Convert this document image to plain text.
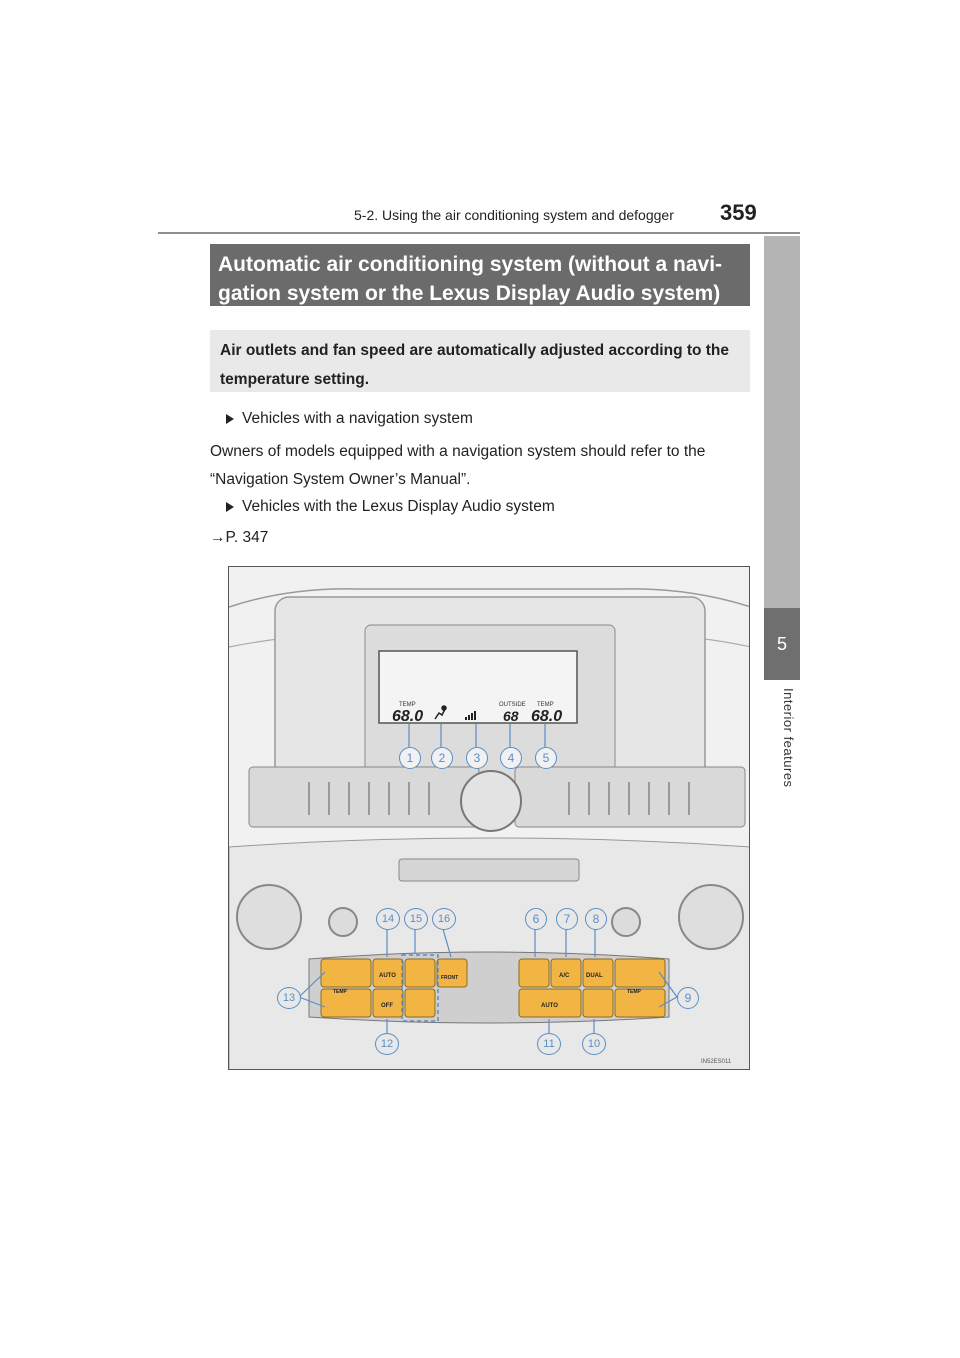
5-2. Using the air conditioning system and defogger 359
5
Interior features
Automatic air conditioning system (without a navi-
gation system or the Lexus Display Audio system)
Air outlets and fan speed are automatically adjusted according to the
temperature setting.
Vehicles with a navigation system
Owners of models equipped with a navigation system should refer to the
“Navigation System Owner’s Manual”.
Vehicles with the Lexus Display Audio system
→P. 347
TEMP
68.0
OUTSIDE
68
TEMP
68.0
AUTO	FRONT
TEMP
OFF
A/C	DUAL
TEMP
AUTO
IN52ES011
1	2	3	4	5
6	7	8
9
10
11
12
13
14	15	16
